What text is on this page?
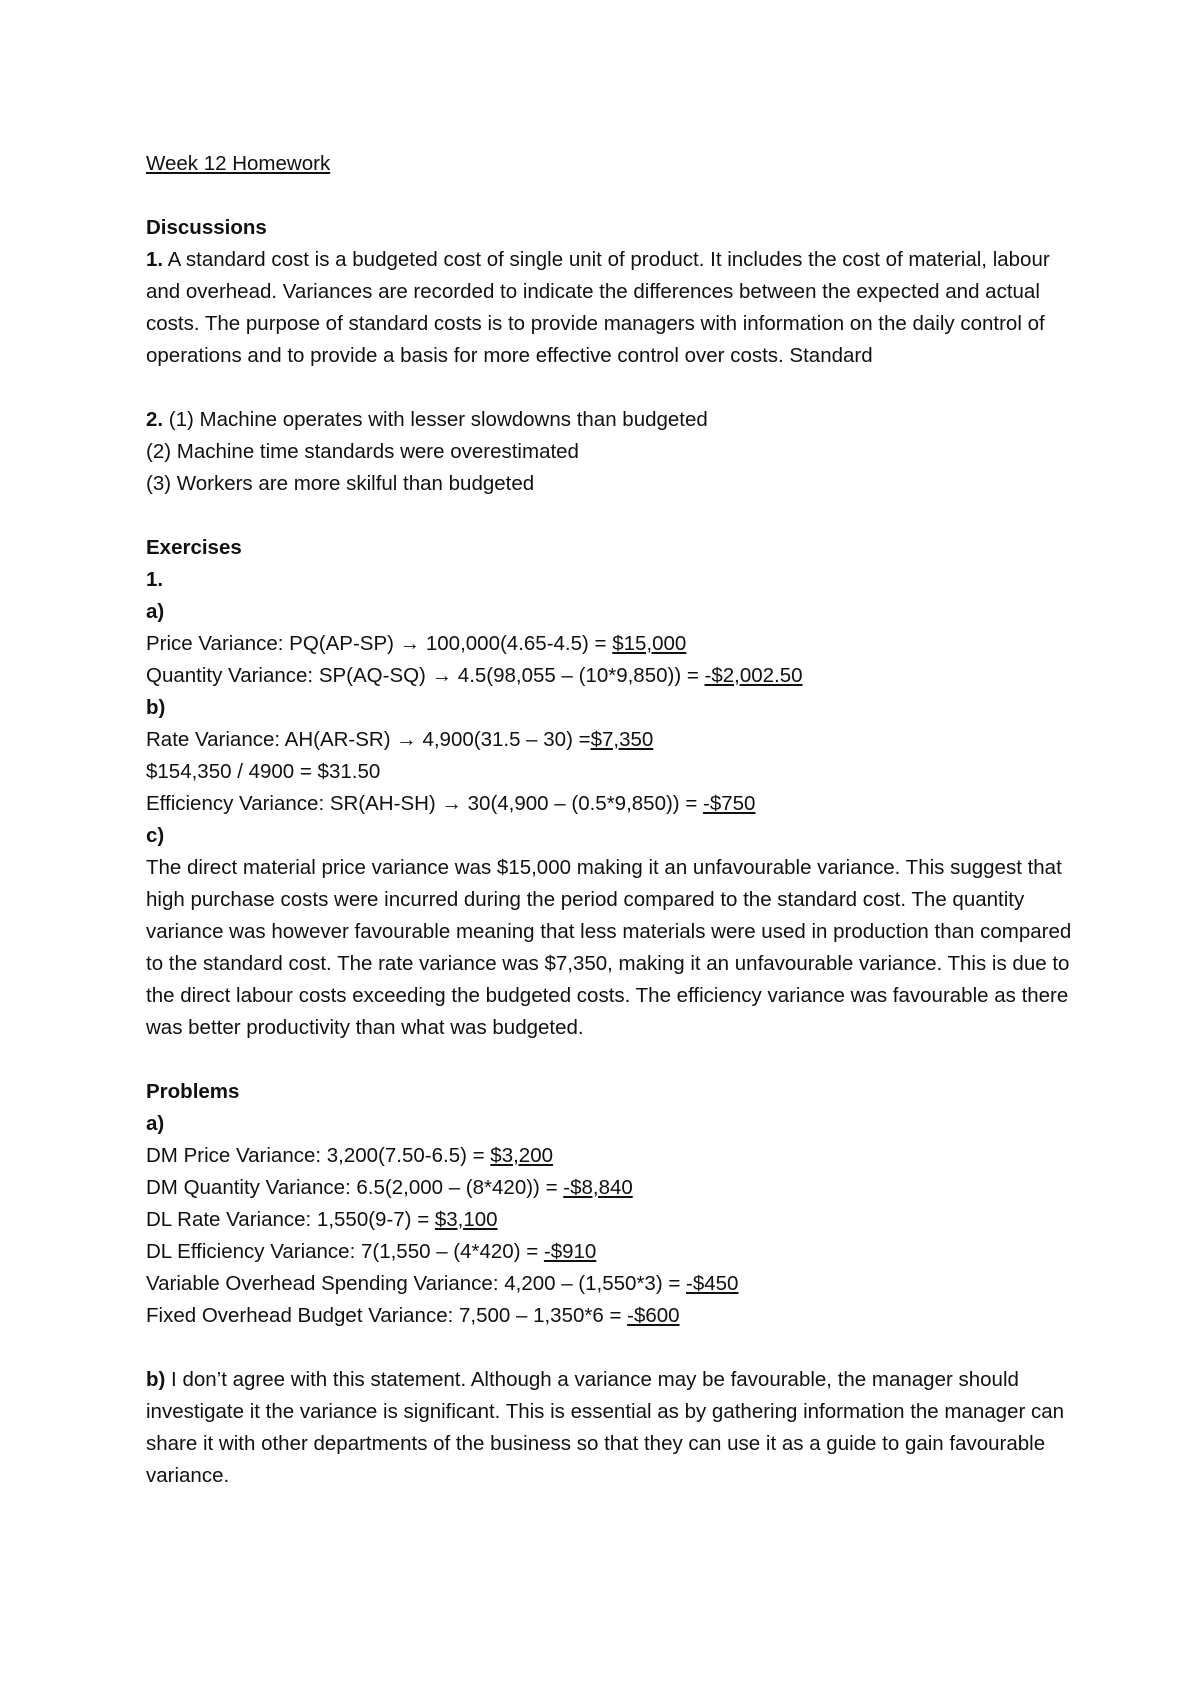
Week 12 Homework
Discussions
1. A standard cost is a budgeted cost of single unit of product. It includes the cost of material, labour and overhead. Variances are recorded to indicate the differences between the expected and actual costs. The purpose of standard costs is to provide managers with information on the daily control of operations and to provide a basis for more effective control over costs. Standard
2. (1) Machine operates with lesser slowdowns than budgeted
(2) Machine time standards were overestimated
(3) Workers are more skilful than budgeted
Exercises
1.
a)
Price Variance: PQ(AP-SP) → 100,000(4.65-4.5) = $15,000
Quantity Variance: SP(AQ-SQ) → 4.5(98,055 – (10*9,850)) = -$2,002.50
b)
Rate Variance: AH(AR-SR) → 4,900(31.5 – 30) =$7,350
$154,350 / 4900 = $31.50
Efficiency Variance: SR(AH-SH) → 30(4,900 – (0.5*9,850)) = -$750
c)
The direct material price variance was $15,000 making it an unfavourable variance. This suggest that high purchase costs were incurred during the period compared to the standard cost. The quantity variance was however favourable meaning that less materials were used in production than compared to the standard cost. The rate variance was $7,350, making it an unfavourable variance. This is due to the direct labour costs exceeding the budgeted costs. The efficiency variance was favourable as there was better productivity than what was budgeted.
Problems
a)
DM Price Variance: 3,200(7.50-6.5) = $3,200
DM Quantity Variance: 6.5(2,000 – (8*420)) = -$8,840
DL Rate Variance: 1,550(9-7) = $3,100
DL Efficiency Variance: 7(1,550 – (4*420) = -$910
Variable Overhead Spending Variance: 4,200 – (1,550*3) = -$450
Fixed Overhead Budget Variance: 7,500 – 1,350*6 = -$600
b) I don’t agree with this statement. Although a variance may be favourable, the manager should investigate it the variance is significant. This is essential as by gathering information the manager can share it with other departments of the business so that they can use it as a guide to gain favourable variance.
